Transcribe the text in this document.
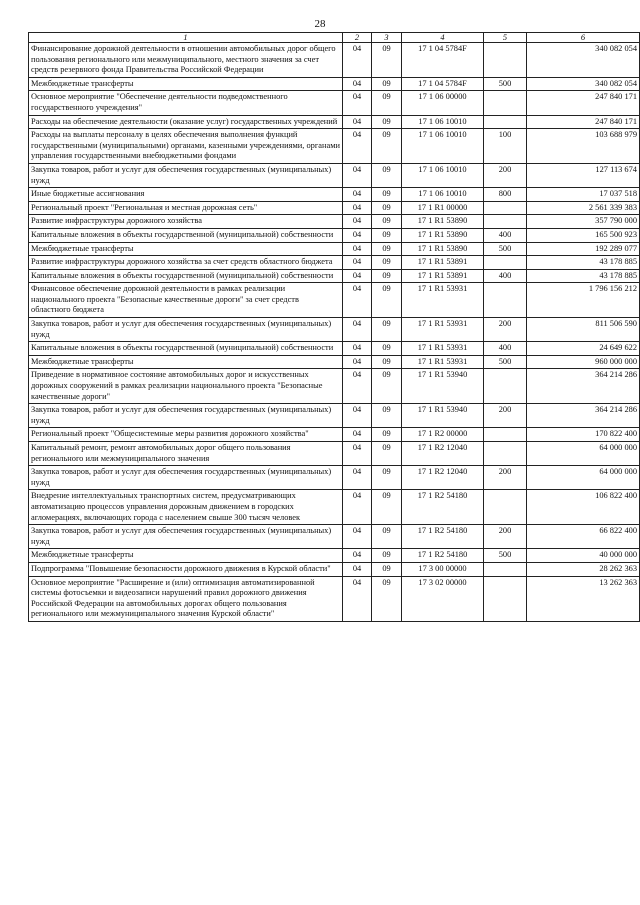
28
1	2	3	4	5	6
Финансирование дорожной деятельности в отношении автомобильных дорог общего пользования регионального или межмуниципального, местного значения за счет средств резервного фонда Правительства Российской Федерации	04	09	17 1 04 5784F		340 082 054
Межбюджетные трансферты	04	09	17 1 04 5784F	500	340 082 054
Основное мероприятие "Обеспечение деятельности подведомственного государственного учреждения"	04	09	17 1 06 00000		247 840 171
Расходы на обеспечение деятельности (оказание услуг) государственных учреждений	04	09	17 1 06 10010		247 840 171
Расходы на выплаты персоналу в целях обеспечения выполнения функций государственными (муниципальными) органами, казенными учреждениями, органами управления государственными внебюджетными фондами	04	09	17 1 06 10010	100	103 688 979
Закупка товаров, работ и услуг для обеспечения государственных (муниципальных) нужд	04	09	17 1 06 10010	200	127 113 674
Иные бюджетные ассигнования	04	09	17 1 06 10010	800	17 037 518
Региональный проект "Региональная и местная дорожная сеть"	04	09	17 1 R1 00000		2 561 339 383
Развитие инфраструктуры дорожного хозяйства	04	09	17 1 R1 53890		357 790 000
Капитальные вложения в объекты государственной (муниципальной) собственности	04	09	17 1 R1 53890	400	165 500 923
Межбюджетные трансферты	04	09	17 1 R1 53890	500	192 289 077
Развитие инфраструктуры дорожного хозяйства за счет средств областного бюджета	04	09	17 1 R1 53891		43 178 885
Капитальные вложения в объекты государственной (муниципальной) собственности	04	09	17 1 R1 53891	400	43 178 885
Финансовое обеспечение дорожной деятельности в рамках реализации национального проекта "Безопасные качественные дороги" за счет средств областного бюджета	04	09	17 1 R1 53931		1 796 156 212
Закупка товаров, работ и услуг для обеспечения государственных (муниципальных) нужд	04	09	17 1 R1 53931	200	811 506 590
Капитальные вложения в объекты государственной (муниципальной) собственности	04	09	17 1 R1 53931	400	24 649 622
Межбюджетные трансферты	04	09	17 1 R1 53931	500	960 000 000
Приведение в нормативное состояние автомобильных дорог и искусственных дорожных сооружений в рамках реализации национального проекта "Безопасные качественные дороги"	04	09	17 1 R1 53940		364 214 286
Закупка товаров, работ и услуг для обеспечения государственных (муниципальных) нужд	04	09	17 1 R1 53940	200	364 214 286
Региональный проект "Общесистемные меры развития дорожного хозяйства"	04	09	17 1 R2 00000		170 822 400
Капитальный ремонт, ремонт автомобильных дорог общего пользования регионального или межмуниципального значения	04	09	17 1 R2 12040		64 000 000
Закупка товаров, работ и услуг для обеспечения государственных (муниципальных) нужд	04	09	17 1 R2 12040	200	64 000 000
Внедрение интеллектуальных транспортных систем, предусматривающих автоматизацию процессов управления дорожным движением в городских агломерациях, включающих города с населением свыше 300 тысяч человек	04	09	17 1 R2 54180		106 822 400
Закупка товаров, работ и услуг для обеспечения государственных (муниципальных) нужд	04	09	17 1 R2 54180	200	66 822 400
Межбюджетные трансферты	04	09	17 1 R2 54180	500	40 000 000
Подпрограмма "Повышение безопасности дорожного движения в Курской области"	04	09	17 3 00 00000		28 262 363
Основное мероприятие "Расширение и (или) оптимизация автоматизированной системы фотосъемки и видеозаписи нарушений правил дорожного движения Российской Федерации на автомобильных дорогах общего пользования регионального или межмуниципального значения Курской области"	04	09	17 3 02 00000		13 262 363
